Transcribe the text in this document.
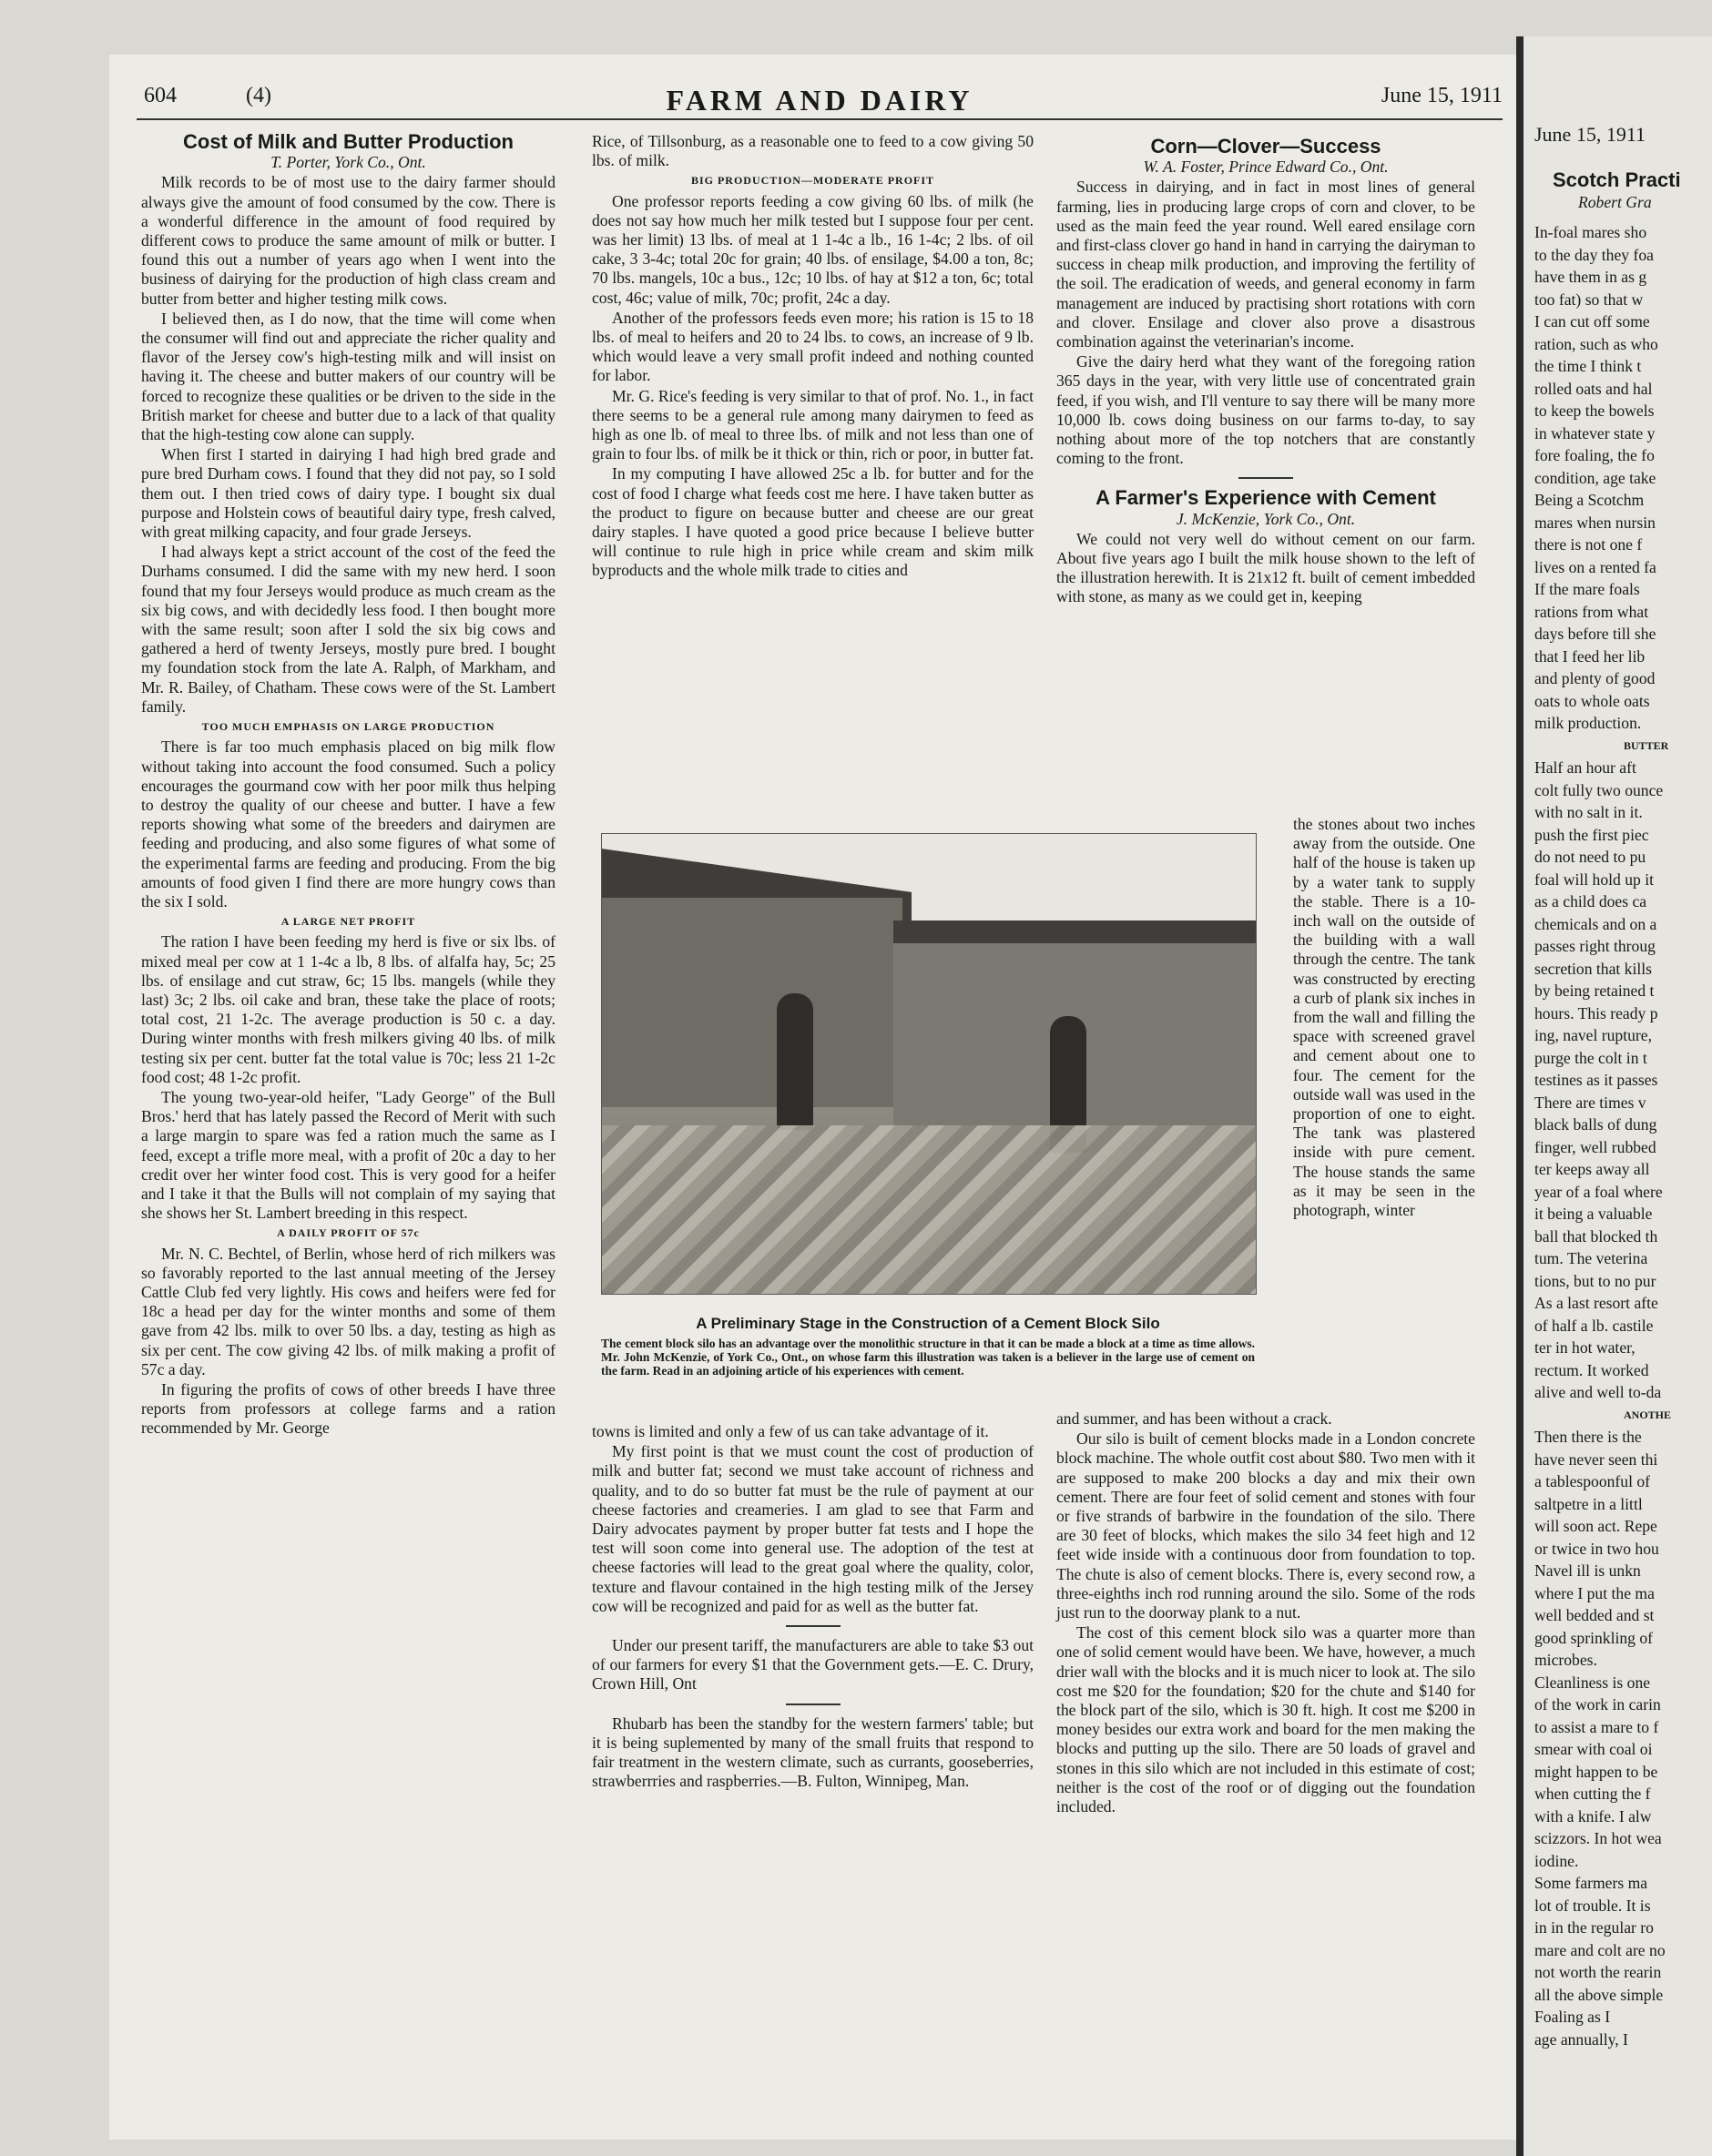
604	(4)	FARM AND DAIRY	June 15, 1911
Cost of Milk and Butter Production

T. Porter, York Co., Ont.

Milk records to be of most use to the dairy farmer should always give the amount of food consumed by the cow. There is a wonderful difference in the amount of food required by different cows to produce the same amount of milk or butter. I found this out a number of years ago when I went into the business of dairying for the production of high class cream and butter from better and higher testing milk cows.

I believed then, as I do now, that the time will come when the consumer will find out and appreciate the richer quality and flavor of the Jersey cow's high-testing milk and will insist on having it. The cheese and butter makers of our country will be forced to recognize these qualities or be driven to the side in the British market for cheese and butter due to a lack of that quality that the high-testing cow alone can supply.

When first I started in dairying I had high bred grade and pure bred Durham cows. I found that they did not pay, so I sold them out. I then tried cows of dairy type. I bought six dual purpose and Holstein cows of beautiful dairy type, fresh calved, with great milking capacity, and four grade Jerseys.

I had always kept a strict account of the cost of the feed the Durhams consumed. I did the same with my new herd. I soon found that my four Jerseys would produce as much cream as the six big cows, and with decidedly less food. I then bought more with the same result; soon after I sold the six big cows and gathered a herd of twenty Jerseys, mostly pure bred. I bought my foundation stock from the late A. Ralph, of Markham, and Mr. R. Bailey, of Chatham. These cows were of the St. Lambert family.

TOO MUCH EMPHASIS ON LARGE PRODUCTION

There is far too much emphasis placed on big milk flow without taking into account the food consumed. Such a policy encourages the gourmand cow with her poor milk thus helping to destroy the quality of our cheese and butter. I have a few reports showing what some of the breeders and dairymen are feeding and producing, and also some figures of what some of the experimental farms are feeding and producing. From the big amounts of food given I find there are more hungry cows than the six I sold.

A LARGE NET PROFIT

The ration I have been feeding my herd is five or six lbs. of mixed meal per cow at 1 1-4c a lb, 8 lbs. of alfalfa hay, 5c; 25 lbs. of ensilage and cut straw, 6c; 15 lbs. mangels (while they last) 3c; 2 lbs. oil cake and bran, these take the place of roots; total cost, 21 1-2c. The average production is 50 c. a day. During winter months with fresh milkers giving 40 lbs. of milk testing six per cent. butter fat the total value is 70c; less 21 1-2c food cost; 48 1-2c profit.

The young two-year-old heifer, "Lady George" of the Bull Bros.' herd that has lately passed the Record of Merit with such a large margin to spare was fed a ration much the same as I feed, except a trifle more meal, with a profit of 20c a day to her credit over her winter food cost. This is very good for a heifer and I take it that the Bulls will not complain of my saying that she shows her St. Lambert breeding in this respect.

A DAILY PROFIT OF 57c

Mr. N. C. Bechtel, of Berlin, whose herd of rich milkers was so favorably reported to the last annual meeting of the Jersey Cattle Club fed very lightly. His cows and heifers were fed for 18c a head per day for the winter months and some of them gave from 42 lbs. milk to over 50 lbs. a day, testing as high as six per cent. The cow giving 42 lbs. of milk making a profit of 57c a day.

In figuring the profits of cows of other breeds I have three reports from professors at college farms and a ration recommended by Mr. George

Rice, of Tillsonburg, as a reasonable one to feed to a cow giving 50 lbs. of milk.

BIG PRODUCTION—MODERATE PROFIT

One professor reports feeding a cow giving 60 lbs. of milk (he does not say how much her milk tested but I suppose four per cent. was her limit) 13 lbs. of meal at 1 1-4c a lb., 16 1-4c; 2 lbs. of oil cake, 3 3-4c; total 20c for grain; 40 lbs. of ensilage, $4.00 a ton, 8c; 70 lbs. mangels, 10c a bus., 12c; 10 lbs. of hay at $12 a ton, 6c; total cost, 46c; value of milk, 70c; profit, 24c a day.

Another of the professors feeds even more; his ration is 15 to 18 lbs. of meal to heifers and 20 to 24 lbs. to cows, an increase of 9 lb. which would leave a very small profit indeed and nothing counted for labor.

Mr. G. Rice's feeding is very similar to that of prof. No. 1., in fact there seems to be a general rule among many dairymen to feed as high as one lb. of meal to three lbs. of milk and not less than one of grain to four lbs. of milk be it thick or thin, rich or poor, in butter fat.

In my computing I have allowed 25c a lb. for butter and for the cost of food I charge what feeds cost me here. I have taken butter as the product to figure on because butter and cheese are our great dairy staples. I have quoted a good price because I believe butter will continue to rule high in price while cream and skim milk byproducts and the whole milk trade to cities and

Corn—Clover—Success

W. A. Foster, Prince Edward Co., Ont.

Success in dairying, and in fact in most lines of general farming, lies in producing large crops of corn and clover, to be used as the main feed the year round. Well eared ensilage corn and first-class clover go hand in hand in carrying the dairyman to success in cheap milk production, and improving the fertility of the soil. The eradication of weeds, and general economy in farm management are induced by practising short rotations with corn and clover. Ensilage and clover also prove a disastrous combination against the veterinarian's income.

Give the dairy herd what they want of the foregoing ration 365 days in the year, with very little use of concentrated grain feed, if you wish, and I'll venture to say there will be many more 10,000 lb. cows doing business on our farms to-day, to say nothing about more of the top notchers that are constantly coming to the front.

A Farmer's Experience with Cement

J. McKenzie, York Co., Ont.

We could not very well do without cement on our farm. About five years ago I built the milk house shown to the left of the illustration herewith. It is 21x12 ft. built of cement imbedded with stone, as many as we could get in, keeping

A Preliminary Stage in the Construction of a Cement Block Silo
The cement block silo has an advantage over the monolithic structure in that it can be made a block at a time as time allows. Mr. John McKenzie, of York Co., Ont., on whose farm this illustration was taken is a believer in the large use of cement on the farm. Read in an adjoining article of his experiences with cement.

the stones about two inches away from the outside. One half of the house is taken up by a water tank to supply the stable. There is a 10-inch wall on the outside of the building with a wall through the centre. The tank was constructed by erecting a curb of plank six inches in from the wall and filling the space with screened gravel and cement about one to four. The cement for the outside wall was used in the proportion of one to eight. The tank was plastered inside with pure cement. The house stands the same as it may be seen in the photograph, winter

towns is limited and only a few of us can take advantage of it.

My first point is that we must count the cost of production of milk and butter fat; second we must take account of richness and quality, and to do so butter fat must be the rule of payment at our cheese factories and creameries. I am glad to see that Farm and Dairy advocates payment by proper butter fat tests and I hope the test will soon come into general use. The adoption of the test at cheese factories will lead to the great goal where the quality, color, texture and flavour contained in the high testing milk of the Jersey cow will be recognized and paid for as well as the butter fat.

Under our present tariff, the manufacturers are able to take $3 out of our farmers for every $1 that the Government gets.—E. C. Drury, Crown Hill, Ont

Rhubarb has been the standby for the western farmers' table; but it is being suplemented by many of the small fruits that respond to fair treatment in the western climate, such as currants, gooseberries, strawberrries and raspberries.—B. Fulton, Winnipeg, Man.

and summer, and has been without a crack.

Our silo is built of cement blocks made in a London concrete block machine. The whole outfit cost about $80. Two men with it are supposed to make 200 blocks a day and mix their own cement. There are four feet of solid cement and stones with four or five strands of barbwire in the foundation of the silo. There are 30 feet of blocks, which makes the silo 34 feet high and 12 feet wide inside with a continuous door from foundation to top. The chute is also of cement blocks. There is, every second row, a three-eighths inch rod running around the silo. Some of the rods just run to the doorway plank to a nut.

The cost of this cement block silo was a quarter more than one of solid cement would have been. We have, however, a much drier wall with the blocks and it is much nicer to look at. The silo cost me $20 for the foundation; $20 for the chute and $140 for the block part of the silo, which is 30 ft. high. It cost me $200 in money besides our extra work and board for the men making the blocks and putting up the silo. There are 50 loads of gravel and stones in this silo which are not included in this estimate of cost; neither is the cost of the roof or of digging out the foundation included.

June 15, 1911
Scotch Practi
Robert Gra
In-foal mares sho
to the day they foa
have them in as g
too fat) so that w
I can cut off some
ration, such as who
the time I think t
rolled oats and hal
to keep the bowels
in whatever state y
fore foaling, the fo
condition, age take
Being a Scotchm
mares when nursin
there is not one f
lives on a rented fa
If the mare foals
rations from what
days before till she
that I feed her lib
and plenty of good
oats to whole oats
milk production.
BUTTER
Half an hour aft
colt fully two ounce
with no salt in it.
push the first piec
do not need to pu
foal will hold up it
as a child does ca
chemicals and on a
passes right throug
secretion that kills
by being retained t
hours. This ready p
ing, navel rupture,
purge the colt in t
testines as it passes
There are times v
black balls of dung
finger, well rubbed
ter keeps away all
year of a foal where
it being a valuable
ball that blocked th
tum. The veterina
tions, but to no pur
As a last resort afte
of half a lb. castile
ter in hot water,
rectum. It worked
alive and well to-da
ANOTHE
Then there is the
have never seen thi
a tablespoonful of
saltpetre in a littl
will soon act. Repe
or twice in two hou
Navel ill is unkn
where I put the ma
well bedded and st
good sprinkling of
microbes.
Cleanliness is one
of the work in carin
to assist a mare to f
smear with coal oi
might happen to be
when cutting the f
with a knife. I alw
scizzors. In hot wea
iodine.
Some farmers ma
lot of trouble. It is
in in the regular ro
mare and colt are no
not worth the rearin
all the above simple
Foaling as I
age annually, I
